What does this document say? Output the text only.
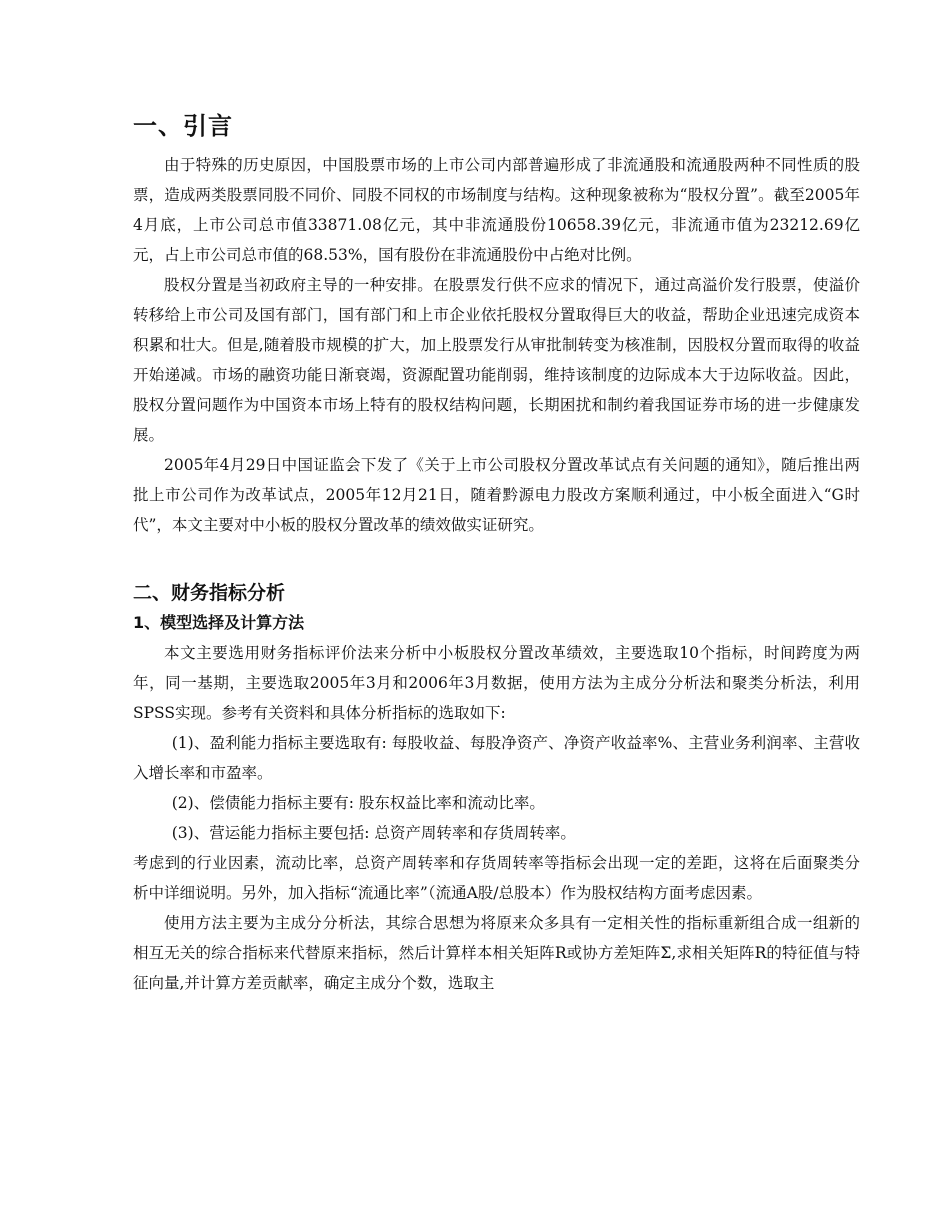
一、引言

由于特殊的历史原因，中国股票市场的上市公司内部普遍形成了非流通股和流通股两种不同性质的股票，造成两类股票同股不同价、同股不同权的市场制度与结构。这种现象被称为“股权分置”。截至2005年4月底，上市公司总市值33871.08亿元，其中非流通股份10658.39亿元，非流通市值为23212.69亿元，占上市公司总市值的68.53%，国有股份在非流通股份中占绝对比例。

股权分置是当初政府主导的一种安排。在股票发行供不应求的情况下，通过高溢价发行股票，使溢价转移给上市公司及国有部门，国有部门和上市企业依托股权分置取得巨大的收益，帮助企业迅速完成资本积累和壮大。但是,随着股市规模的扩大，加上股票发行从审批制转变为核准制，因股权分置而取得的收益开始递减。市场的融资功能日渐衰竭，资源配置功能削弱，维持该制度的边际成本大于边际收益。因此，股权分置问题作为中国资本市场上特有的股权结构问题，长期困扰和制约着我国证券市场的进一步健康发展。

2005年4月29日中国证监会下发了《关于上市公司股权分置改革试点有关问题的通知》，随后推出两批上市公司作为改革试点，2005年12月21日，随着黔源电力股改方案顺利通过，中小板全面进入“G时代”，本文主要对中小板的股权分置改革的绩效做实证研究。

二、财务指标分析
1、模型选择及计算方法

本文主要选用财务指标评价法来分析中小板股权分置改革绩效，主要选取10个指标，时间跨度为两年，同一基期，主要选取2005年3月和2006年3月数据，使用方法为主成分分析法和聚类分析法，利用SPSS实现。参考有关资料和具体分析指标的选取如下:

(1)、盈利能力指标主要选取有: 每股收益、每股净资产、净资产收益率%、主营业务利润率、主营收入增长率和市盈率。

(2)、偿债能力指标主要有: 股东权益比率和流动比率。

(3)、营运能力指标主要包括: 总资产周转率和存货周转率。

考虑到的行业因素，流动比率，总资产周转率和存货周转率等指标会出现一定的差距，这将在后面聚类分析中详细说明。另外，加入指标“流通比率”（流通A股/总股本）作为股权结构方面考虑因素。

使用方法主要为主成分分析法，其综合思想为将原来众多具有一定相关性的指标重新组合成一组新的相互无关的综合指标来代替原来指标，然后计算样本相关矩阵R或协方差矩阵Σ,求相关矩阵R的特征值与特征向量,并计算方差贡献率，确定主成分个数，选取主
